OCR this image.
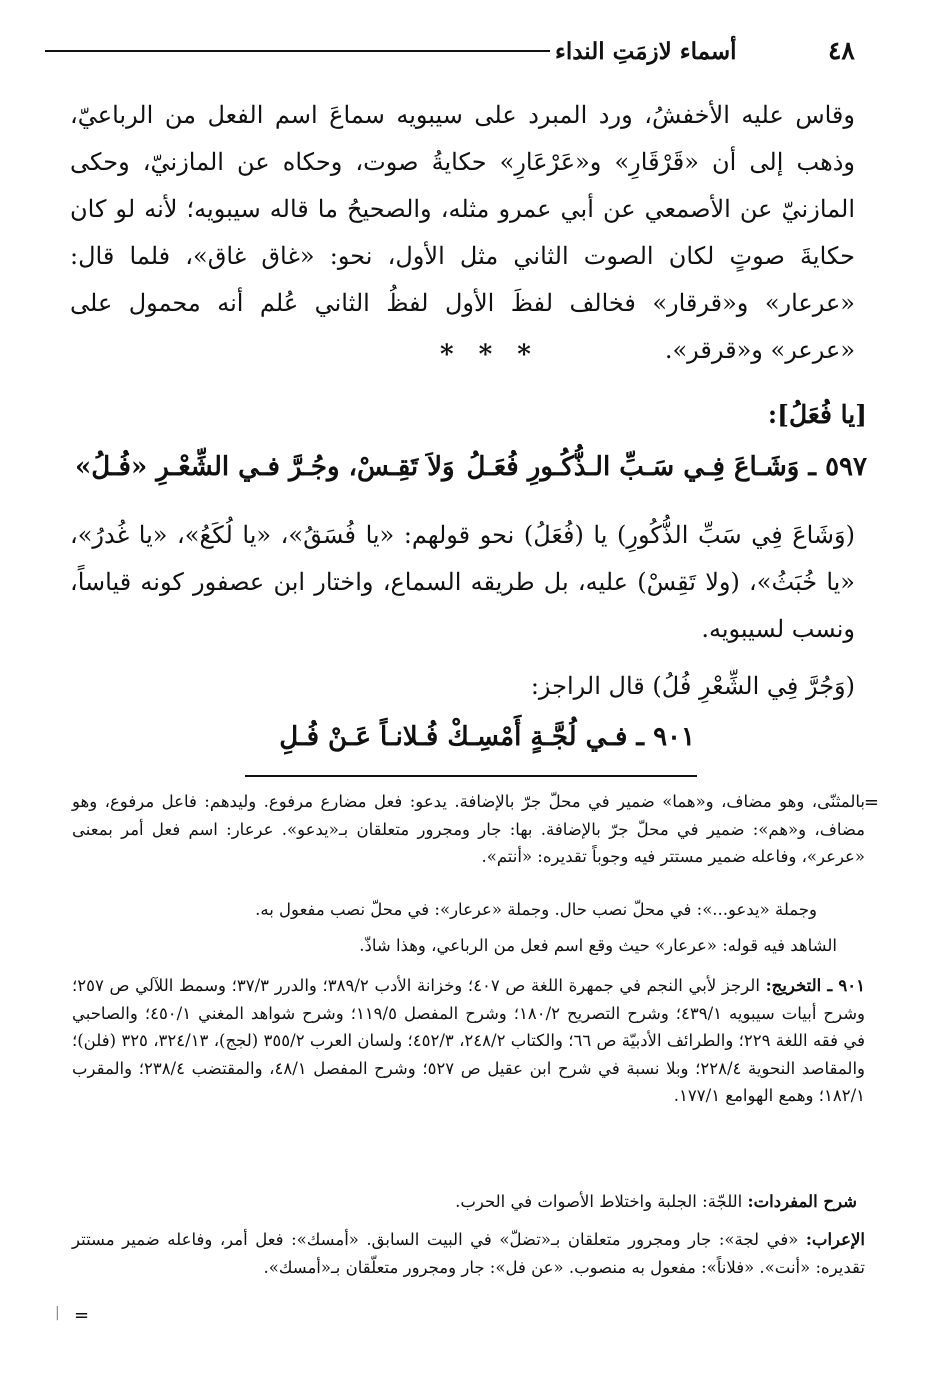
٤٨
أسماء لازمَتِ النداء
وقاس عليه الأخفشُ، ورد المبرد على سيبويه سماعَ اسم الفعل من الرباعيّ، وذهب إلى أن «قَرْقَارِ» و«عَرْعَارِ» حكايةُ صوت، وحكاه عن المازنيّ، وحكى المازنيّ عن الأصمعي عن أبي عمرو مثله، والصحيحُ ما قاله سيبويه؛ لأنه لو كان حكايةَ صوتٍ لكان الصوت الثاني مثل الأول، نحو: «غاق غاق»، فلما قال: «عرعار» و«قرقار» فخالف لفظَ الأول لفظُ الثاني عُلم أنه محمول على «عرعر» و«قرقر».
* * *
[يا فُعَلُ]:
٥٩٧ ـ وَشَـاعَ فِـي سَـبِّ الـذُّكُـورِ فُعَـلُ
وَلاَ تَقِـسْ، وجُـرَّ فـي الشِّعْـرِ «فُـلُ»
(وَشَاعَ فِي سَبِّ الذُّكُورِ) يا (فُعَلُ) نحو قولهم: «يا فُسَقُ»، «يا لُكَعُ»، «يا غُدرُ»، «يا خُبَثُ»، (ولا تَقِسْ) عليه، بل طريقه السماع، واختار ابن عصفور كونه قياساً، ونسب لسيبويه.
(وَجُرَّ فِي الشِّعْرِ فُلُ) قال الراجز:
٩٠١ ـ فـي لُجَّـةٍ أَمْسِـكْ فُـلانـاً عَـنْ فُـلِ
=
بالمثنّى، وهو مضاف، و«هما» ضمير في محلّ جرّ بالإضافة. يدعو: فعل مضارع مرفوع. وليدهم: فاعل مرفوع، وهو مضاف، و«هم»: ضمير في محلّ جرّ بالإضافة. بها: جار ومجرور متعلقان بـ«يدعو». عرعار: اسم فعل أمر بمعنى «عرعر»، وفاعله ضمير مستتر فيه وجوباً تقديره: «أنتم».
وجملة «يدعو...»: في محلّ نصب حال. وجملة «عرعار»: في محلّ نصب مفعول به.
الشاهد فيه قوله: «عرعار» حيث وقع اسم فعل من الرباعي، وهذا شاذّ.
٩٠١ ـ التخريج: الرجز لأبي النجم في جمهرة اللغة ص ٤٠٧؛ وخزانة الأدب ٣٨٩/٢؛ والدرر ٣٧/٣؛ وسمط اللآلي ص ٢٥٧؛ وشرح أبيات سيبويه ٤٣٩/١؛ وشرح التصريح ١٨٠/٢؛ وشرح المفصل ١١٩/٥؛ وشرح شواهد المغني ٤٥٠/١؛ والصاحبي في فقه اللغة ٢٢٩؛ والطرائف الأدبيّة ص ٦٦؛ والكتاب ٢٤٨/٢، ٤٥٢/٣؛ ولسان العرب ٣٥٥/٢ (لجج)، ٣٢٤/١٣، ٣٢٥ (فلن)؛ والمقاصد النحوية ٢٢٨/٤؛ وبلا نسبة في شرح ابن عقيل ص ٥٢٧؛ وشرح المفصل ٤٨/١، والمقتضب ٢٣٨/٤؛ والمقرب ١٨٢/١؛ وهمع الهوامع ١٧٧/١.
شرح المفردات: اللجّة: الجلبة واختلاط الأصوات في الحرب.
الإعراب: «في لجة»: جار ومجرور متعلقان بـ«تضلّ» في البيت السابق. «أمسك»: فعل أمر، وفاعله ضمير مستتر تقديره: «أنت». «فلاناً»: مفعول به منصوب. «عن فل»: جار ومجرور متعلّقان بـ«أمسك».
=
|
